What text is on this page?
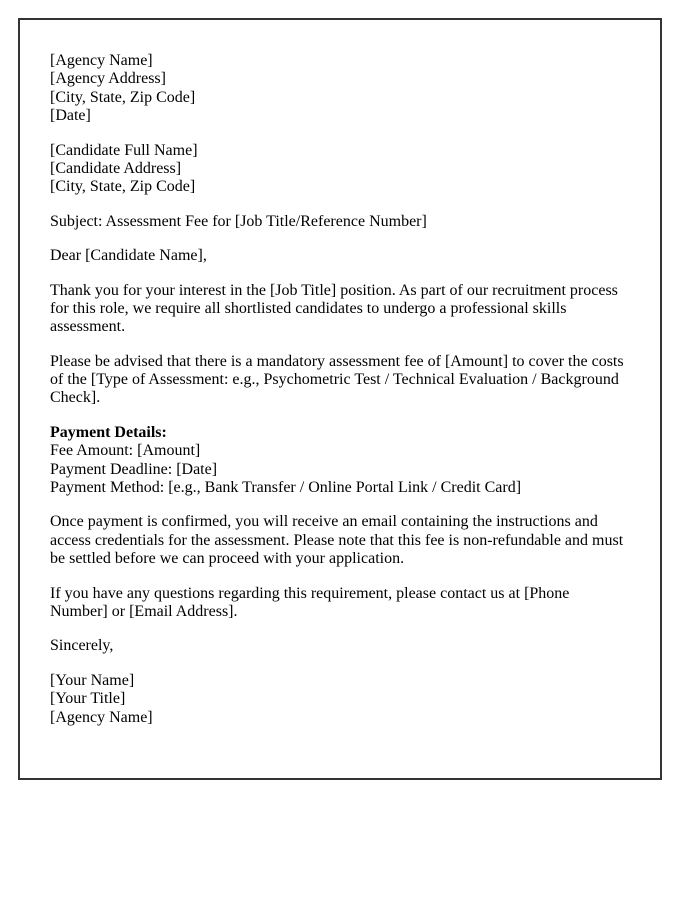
[Agency Name]
[Agency Address]
[City, State, Zip Code]
[Date]
[Candidate Full Name]
[Candidate Address]
[City, State, Zip Code]

Subject: Assessment Fee for [Job Title/Reference Number]

Dear [Candidate Name],

Thank you for your interest in the [Job Title] position. As part of our recruitment process for this role, we require all shortlisted candidates to undergo a professional skills assessment.

Please be advised that there is a mandatory assessment fee of [Amount] to cover the costs of the [Type of Assessment: e.g., Psychometric Test / Technical Evaluation / Background Check].

Payment Details:
Fee Amount: [Amount]
Payment Deadline: [Date]
Payment Method: [e.g., Bank Transfer / Online Portal Link / Credit Card]

Once payment is confirmed, you will receive an email containing the instructions and access credentials for the assessment. Please note that this fee is non-refundable and must be settled before we can proceed with your application.

If you have any questions regarding this requirement, please contact us at [Phone Number] or [Email Address].

Sincerely,

[Your Name]
[Your Title]
[Agency Name]
